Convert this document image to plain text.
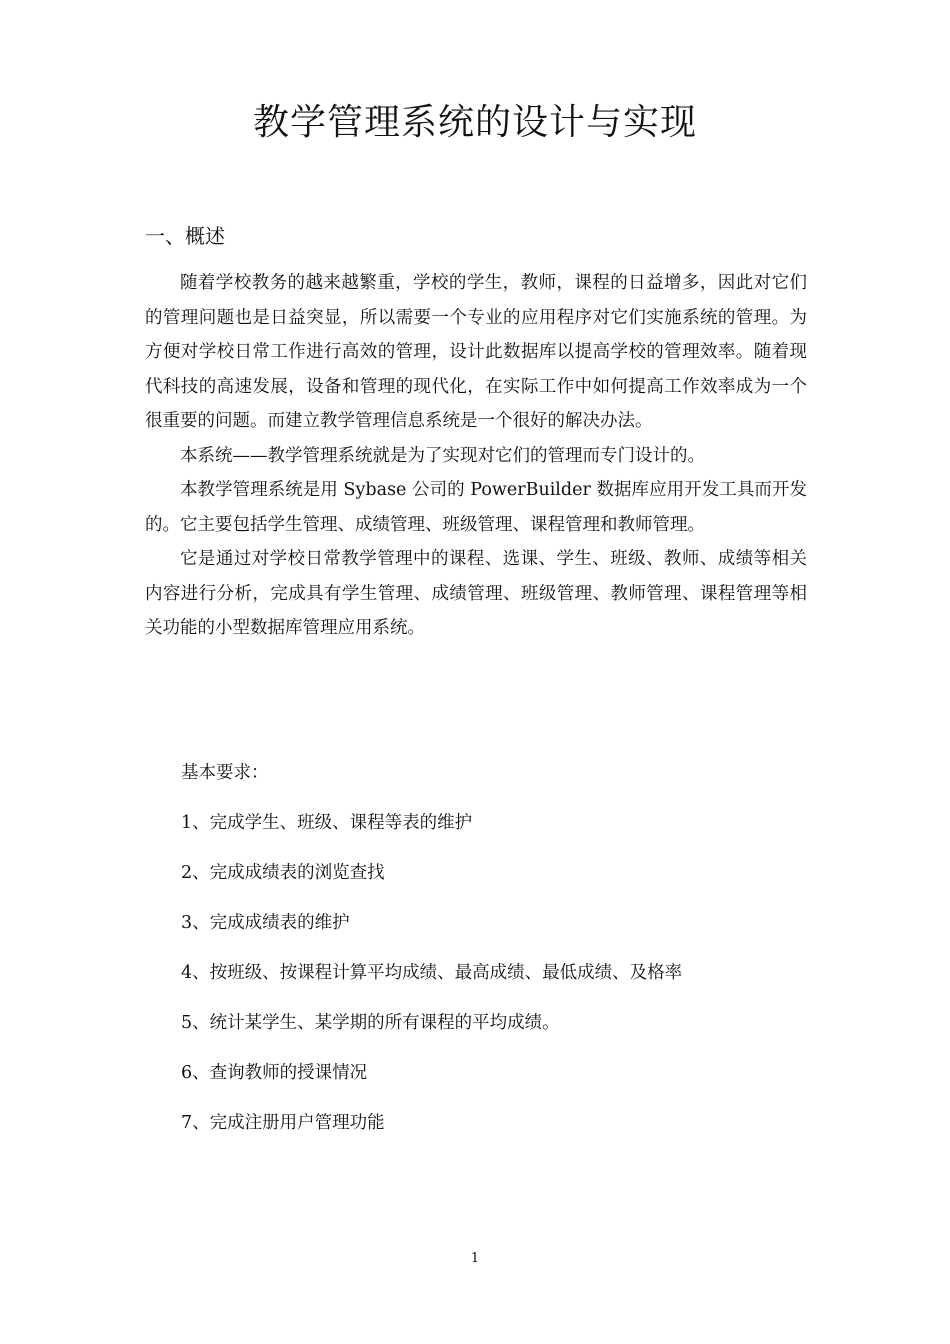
教学管理系统的设计与实现
一、概述

随着学校教务的越来越繁重，学校的学生，教师，课程的日益增多，因此对它们的管理问题也是日益突显，所以需要一个专业的应用程序对它们实施系统的管理。为方便对学校日常工作进行高效的管理，设计此数据库以提高学校的管理效率。随着现代科技的高速发展，设备和管理的现代化，在实际工作中如何提高工作效率成为一个很重要的问题。而建立教学管理信息系统是一个很好的解决办法。

本系统——教学管理系统就是为了实现对它们的管理而专门设计的。

本教学管理系统是用 Sybase 公司的 PowerBuilder 数据库应用开发工具而开发的。它主要包括学生管理、成绩管理、班级管理、课程管理和教师管理。

它是通过对学校日常教学管理中的课程、选课、学生、班级、教师、成绩等相关内容进行分析，完成具有学生管理、成绩管理、班级管理、教师管理、课程管理等相关功能的小型数据库管理应用系统。

基本要求：

1、完成学生、班级、课程等表的维护
2、完成成绩表的浏览查找
3、完成成绩表的维护
4、按班级、按课程计算平均成绩、最高成绩、最低成绩、及格率
5、统计某学生、某学期的所有课程的平均成绩。
6、查询教师的授课情况
7、完成注册用户管理功能
1
